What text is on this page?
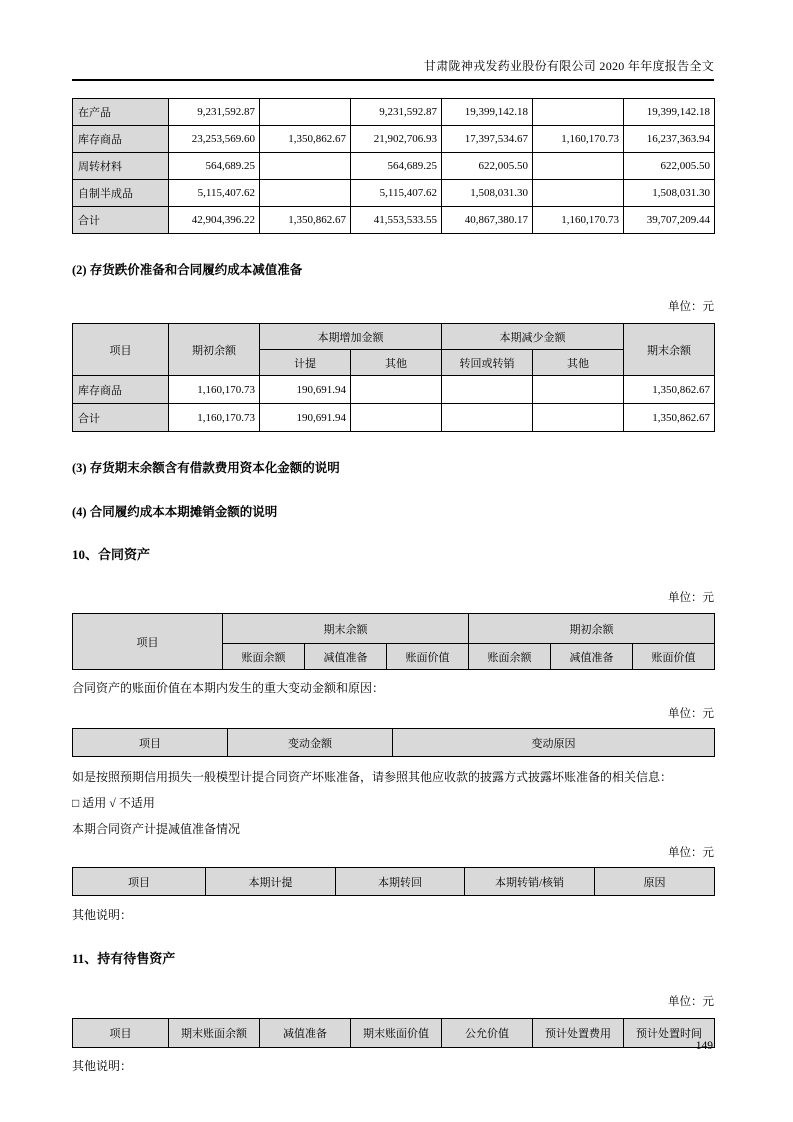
甘肃陇神戎发药业股份有限公司 2020 年年度报告全文
在产品	9,231,592.87		9,231,592.87	19,399,142.18		19,399,142.18
库存商品	23,253,569.60	1,350,862.67	21,902,706.93	17,397,534.67	1,160,170.73	16,237,363.94
周转材料	564,689.25		564,689.25	622,005.50		622,005.50
自制半成品	5,115,407.62		5,115,407.62	1,508,031.30		1,508,031.30
合计	42,904,396.22	1,350,862.67	41,553,533.55	40,867,380.17	1,160,170.73	39,707,209.44
(2) 存货跌价准备和合同履约成本减值准备
单位：元
项目	期初余额	本期增加金额		本期减少金额		期末余额
		计提	其他	转回或转销	其他	
库存商品	1,160,170.73	190,691.94				1,350,862.67
合计	1,160,170.73	190,691.94				1,350,862.67
(3) 存货期末余额含有借款费用资本化金额的说明
(4) 合同履约成本本期摊销金额的说明
10、合同资产
单位：元
项目	期末余额			期初余额		
	账面余额	减值准备	账面价值	账面余额	减值准备	账面价值
合同资产的账面价值在本期内发生的重大变动金额和原因：
单位：元
项目	变动金额	变动原因
如是按照预期信用损失一般模型计提合同资产坏账准备，请参照其他应收款的披露方式披露坏账准备的相关信息：
□ 适用 √ 不适用
本期合同资产计提减值准备情况
单位：元
项目	本期计提	本期转回	本期转销/核销	原因
其他说明：
11、持有待售资产
单位：元
项目	期末账面余额	减值准备	期末账面价值	公允价值	预计处置费用	预计处置时间
其他说明：
149
